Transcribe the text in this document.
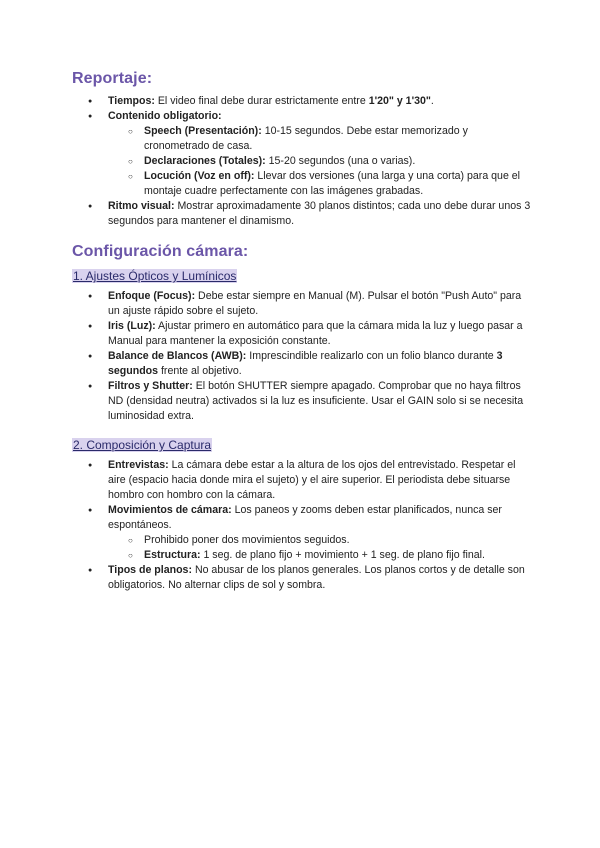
Reportaje:
● Tiempos: El video final debe durar estrictamente entre 1'20" y 1'30".
● Contenido obligatorio:
○ Speech (Presentación): 10-15 segundos. Debe estar memorizado y cronometrado de casa.
○ Declaraciones (Totales): 15-20 segundos (una o varias).
○ Locución (Voz en off): Llevar dos versiones (una larga y una corta) para que el montaje cuadre perfectamente con las imágenes grabadas.
● Ritmo visual: Mostrar aproximadamente 30 planos distintos; cada uno debe durar unos 3 segundos para mantener el dinamismo.
Configuración cámara:
1. Ajustes Ópticos y Lumínicos
● Enfoque (Focus): Debe estar siempre en Manual (M). Pulsar el botón "Push Auto" para un ajuste rápido sobre el sujeto.
● Iris (Luz): Ajustar primero en automático para que la cámara mida la luz y luego pasar a Manual para mantener la exposición constante.
● Balance de Blancos (AWB): Imprescindible realizarlo con un folio blanco durante 3 segundos frente al objetivo.
● Filtros y Shutter: El botón SHUTTER siempre apagado. Comprobar que no haya filtros ND (densidad neutra) activados si la luz es insuficiente. Usar el GAIN solo si se necesita luminosidad extra.
2. Composición y Captura
● Entrevistas: La cámara debe estar a la altura de los ojos del entrevistado. Respetar el aire (espacio hacia donde mira el sujeto) y el aire superior. El periodista debe situarse hombro con hombro con la cámara.
● Movimientos de cámara: Los paneos y zooms deben estar planificados, nunca ser espontáneos.
○ Prohibido poner dos movimientos seguidos.
○ Estructura: 1 seg. de plano fijo + movimiento + 1 seg. de plano fijo final.
● Tipos de planos: No abusar de los planos generales. Los planos cortos y de detalle son obligatorios. No alternar clips de sol y sombra.
